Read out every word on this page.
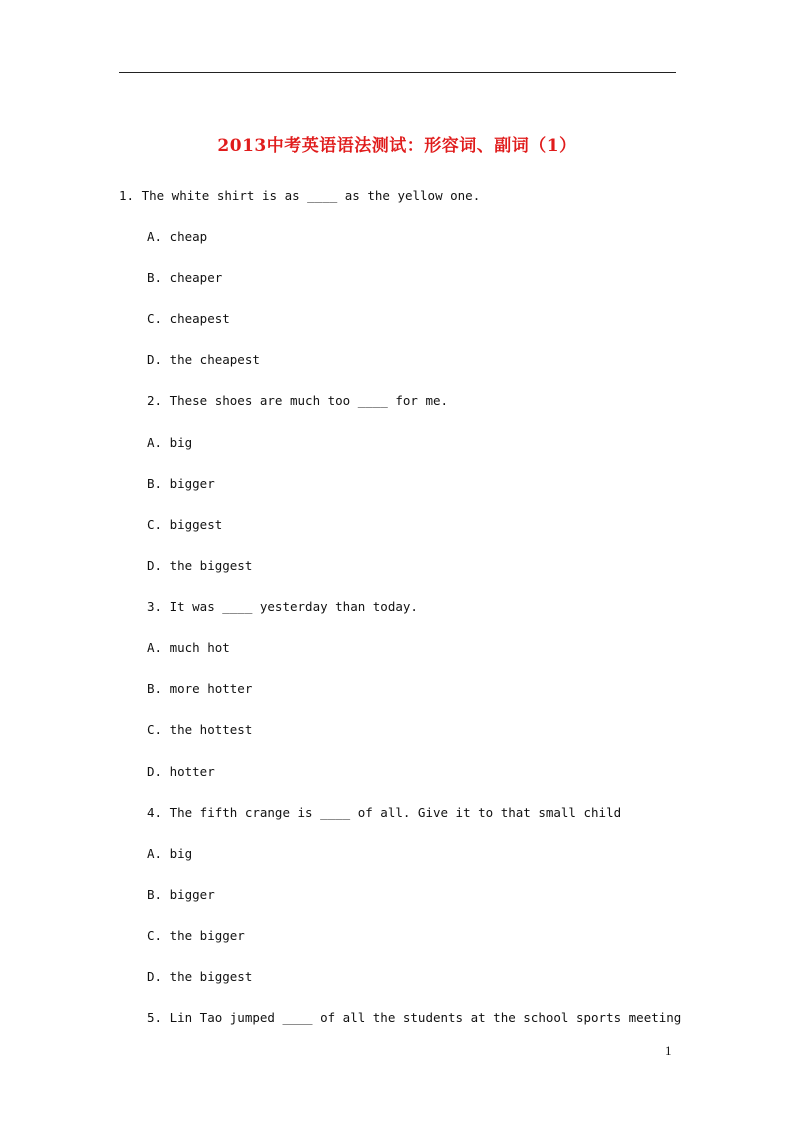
2013中考英语语法测试：形容词、副词（1）
1. The white shirt is as ____ as the yellow one.
A. cheap
B. cheaper
C. cheapest
D. the cheapest
2. These shoes are much too ____ for me.
A. big
B. bigger
C. biggest
D. the biggest
3. It was ____ yesterday than today.
A. much hot
B. more hotter
C. the hottest
D. hotter
4. The fifth crange is ____ of all. Give it to that small child
A. big
B. bigger
C. the bigger
D. the biggest
5. Lin Tao jumped ____ of all the students at the school sports meeting
1
